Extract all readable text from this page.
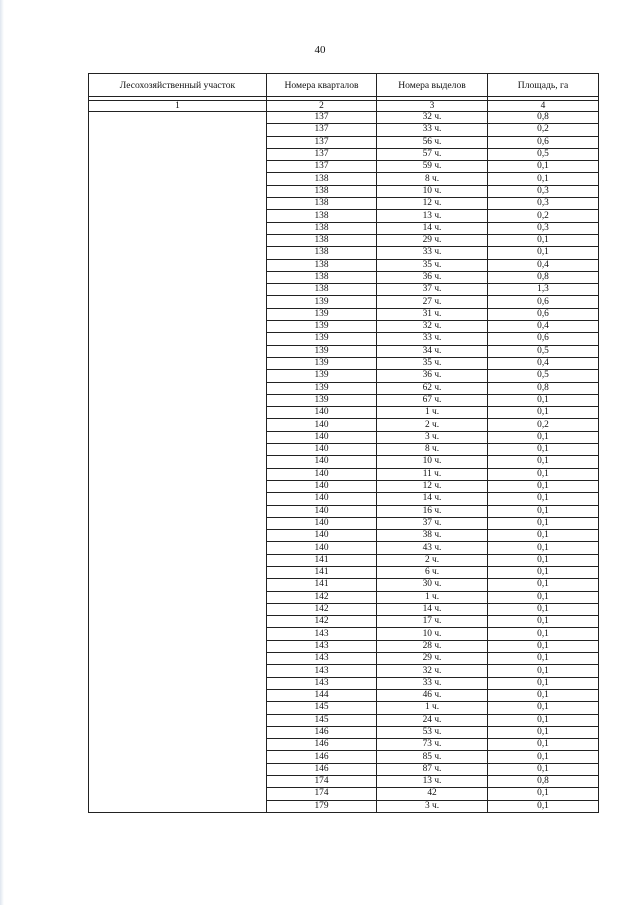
40
Лесохозяйственный участок	Номера кварталов	Номера выделов	Площадь, га

1	2	3	4
	137	32 ч.	0,8
	137	33 ч.	0,2
	137	56 ч.	0,6
	137	57 ч.	0,5
	137	59 ч.	0,1
	138	8 ч.	0,1
	138	10 ч.	0,3
	138	12 ч.	0,3
	138	13 ч.	0,2
	138	14 ч.	0,3
	138	29 ч.	0,1
	138	33 ч.	0,1
	138	35 ч.	0,4
	138	36 ч.	0,8
	138	37 ч.	1,3
	139	27 ч.	0,6
	139	31 ч.	0,6
	139	32 ч.	0,4
	139	33 ч.	0,6
	139	34 ч.	0,5
	139	35 ч.	0,4
	139	36 ч.	0,5
	139	62 ч.	0,8
	139	67 ч.	0,1
	140	1 ч.	0,1
	140	2 ч.	0,2
	140	3 ч.	0,1
	140	8 ч.	0,1
	140	10 ч.	0,1
	140	11 ч.	0,1
	140	12 ч.	0,1
	140	14 ч.	0,1
	140	16 ч.	0,1
	140	37 ч.	0,1
	140	38 ч.	0,1
	140	43 ч.	0,1
	141	2 ч.	0,1
	141	6 ч.	0,1
	141	30 ч.	0,1
	142	1 ч.	0,1
	142	14 ч.	0,1
	142	17 ч.	0,1
	143	10 ч.	0,1
	143	28 ч.	0,1
	143	29 ч.	0,1
	143	32 ч.	0,1
	143	33 ч.	0,1
	144	46 ч.	0,1
	145	1 ч.	0,1
	145	24 ч.	0,1
	146	53 ч.	0,1
	146	73 ч.	0,1
	146	85 ч.	0,1
	146	87 ч.	0,1
	174	13 ч.	0,8
	174	42	0,1
	179	3 ч.	0,1
